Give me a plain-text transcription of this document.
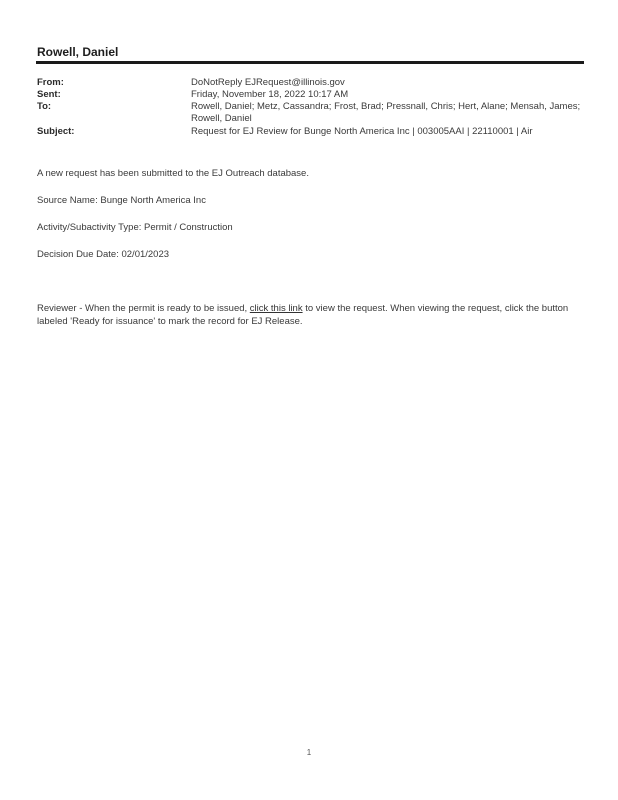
Rowell, Daniel
From:	DoNotReply EJRequest@illinois.gov
Sent:	Friday, November 18, 2022 10:17 AM
To:	Rowell, Daniel; Metz, Cassandra; Frost, Brad; Pressnall, Chris; Hert, Alane; Mensah, James;
Rowell, Daniel
Subject:	Request for EJ Review for Bunge North America Inc | 003005AAI | 22110001 | Air
A new request has been submitted to the EJ Outreach database.
Source Name: Bunge North America Inc
Activity/Subactivity Type: Permit / Construction
Decision Due Date: 02/01/2023
Reviewer - When the permit is ready to be issued, click this link to view the request. When viewing the request, click the button labeled 'Ready for issuance' to mark the record for EJ Release.
1
